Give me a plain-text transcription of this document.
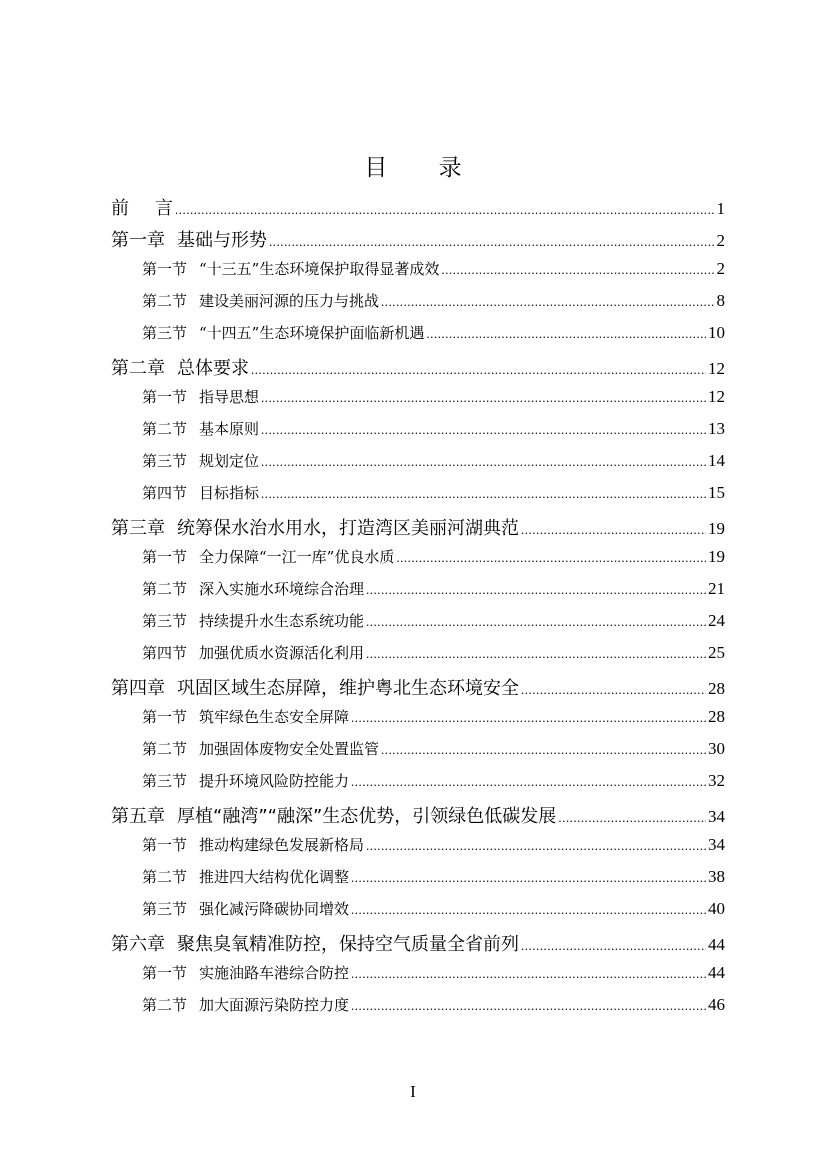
目 录
前 言 .....	1
第一章 基础与形势 .....	2
第一节 “十三五”生态环境保护取得显著成效 .....	2
第二节 建设美丽河源的压力与挑战 .....	8
第三节 “十四五”生态环境保护面临新机遇 .....	10
第二章 总体要求 .....	12
第一节 指导思想 .....	12
第二节 基本原则 .....	13
第三节 规划定位 .....	14
第四节 目标指标 .....	15
第三章 统筹保水治水用水，打造湾区美丽河湖典范 .....	19
第一节 全力保障“一江一库”优良水质 .....	19
第二节 深入实施水环境综合治理 .....	21
第三节 持续提升水生态系统功能 .....	24
第四节 加强优质水资源活化利用 .....	25
第四章 巩固区域生态屏障，维护粤北生态环境安全 .....	28
第一节 筑牢绿色生态安全屏障 .....	28
第二节 加强固体废物安全处置监管 .....	30
第三节 提升环境风险防控能力 .....	32
第五章 厚植“融湾”“融深”生态优势，引领绿色低碳发展 .....	34
第一节 推动构建绿色发展新格局 .....	34
第二节 推进四大结构优化调整 .....	38
第三节 强化减污降碳协同增效 .....	40
第六章 聚焦臭氧精准防控，保持空气质量全省前列 .....	44
第一节 实施油路车港综合防控 .....	44
第二节 加大面源污染防控力度 .....	46
I
